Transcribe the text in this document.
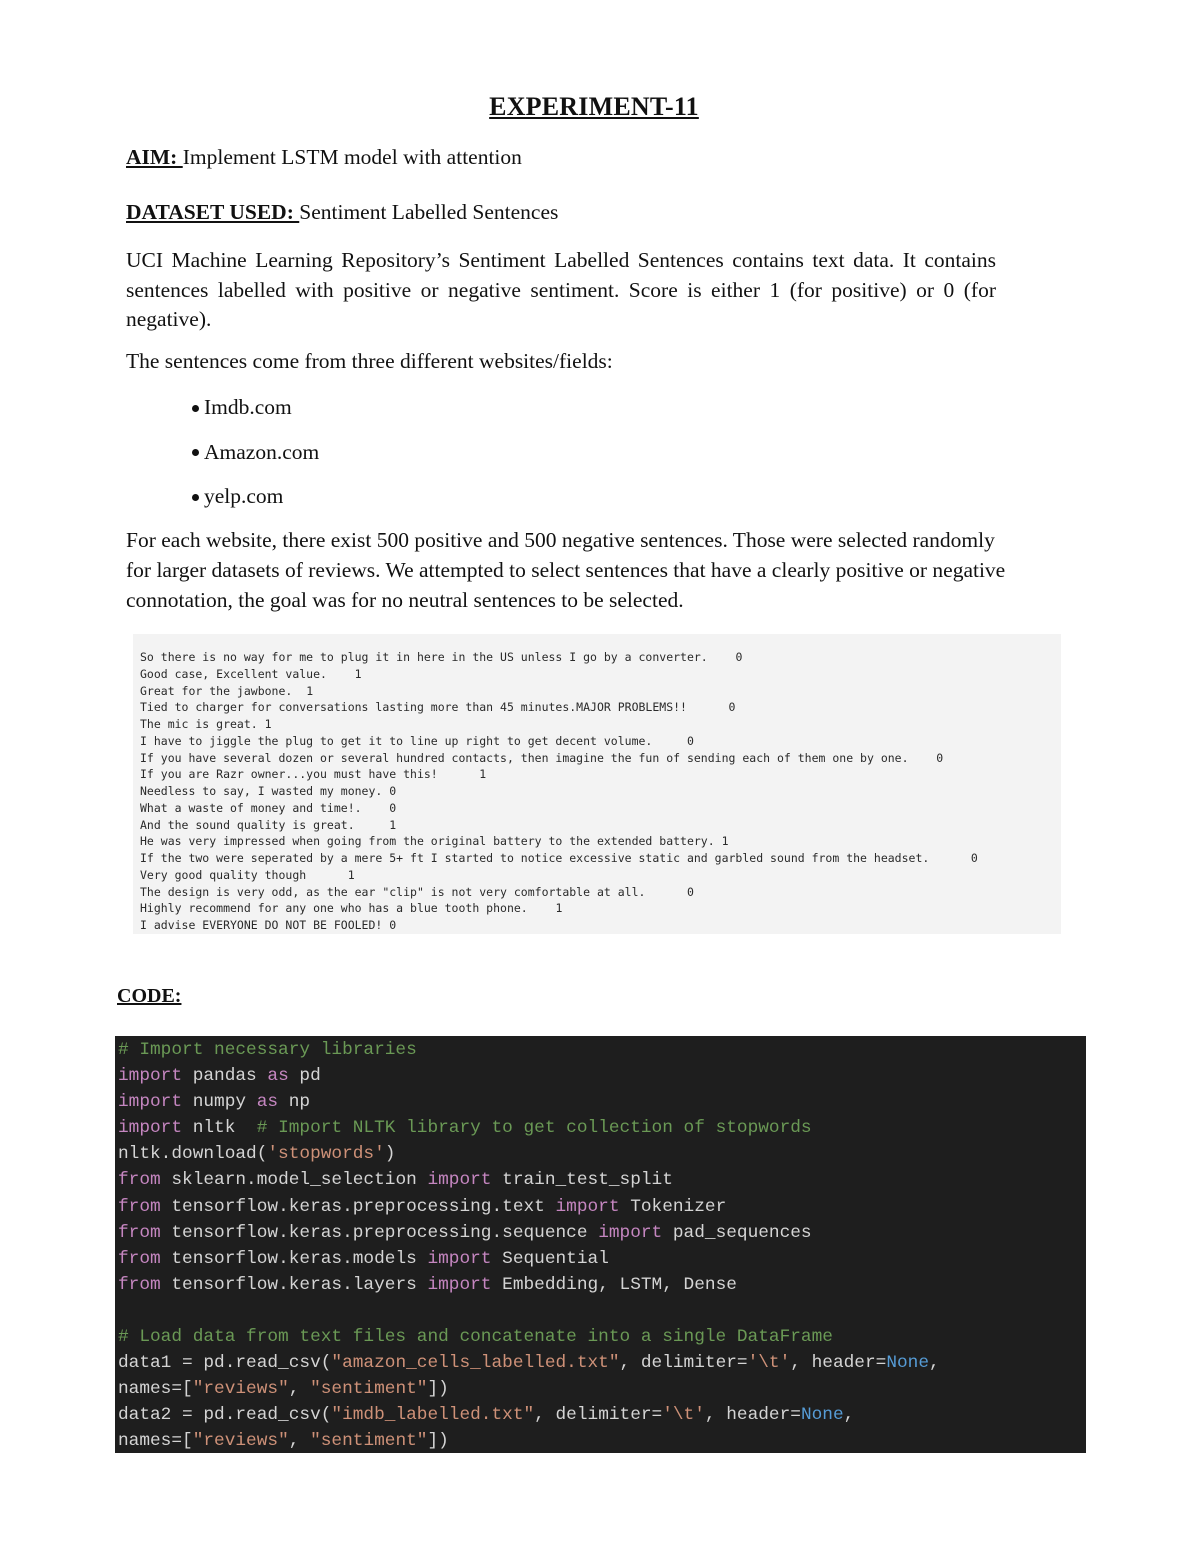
EXPERIMENT-11
AIM: Implement LSTM model with attention
DATASET USED: Sentiment Labelled Sentences
UCI Machine Learning Repository’s Sentiment Labelled Sentences contains text data. It contains sentences labelled with positive or negative sentiment. Score is either 1 (for positive) or 0 (for negative).
The sentences come from three different websites/fields:
Imdb.com
Amazon.com
yelp.com
For each website, there exist 500 positive and 500 negative sentences. Those were selected randomly for larger datasets of reviews. We attempted to select sentences that have a clearly positive or negative connotation, the goal was for no neutral sentences to be selected.
So there is no way for me to plug it in here in the US unless I go by a converter. 0
Good case, Excellent value. 1
Great for the jawbone. 1
Tied to charger for conversations lasting more than 45 minutes.MAJOR PROBLEMS!!	0
The mic is great. 1
I have to jiggle the plug to get it to line up right to get decent volume.	0
If you have several dozen or several hundred contacts, then imagine the fun of sending each of them one by one. 0
If you are Razr owner...you must have this!	1
Needless to say, I wasted my money. 0
What a waste of money and time!. 0
And the sound quality is great.	1
He was very impressed when going from the original battery to the extended battery. 1
If the two were seperated by a mere 5+ ft I started to notice excessive static and garbled sound from the headset.	0
Very good quality though	1
The design is very odd, as the ear "clip" is not very comfortable at all.	0
Highly recommend for any one who has a blue tooth phone. 1
I advise EVERYONE DO NOT BE FOOLED! 0
CODE:
# Import necessary libraries
import pandas as pd
import numpy as np
import nltk  # Import NLTK library to get collection of stopwords
nltk.download('stopwords')
from sklearn.model_selection import train_test_split
from tensorflow.keras.preprocessing.text import Tokenizer
from tensorflow.keras.preprocessing.sequence import pad_sequences
from tensorflow.keras.models import Sequential
from tensorflow.keras.layers import Embedding, LSTM, Dense

# Load data from text files and concatenate into a single DataFrame
data1 = pd.read_csv("amazon_cells_labelled.txt", delimiter='\t', header=None,
names=["reviews", "sentiment"])
data2 = pd.read_csv("imdb_labelled.txt", delimiter='\t', header=None,
names=["reviews", "sentiment"])
